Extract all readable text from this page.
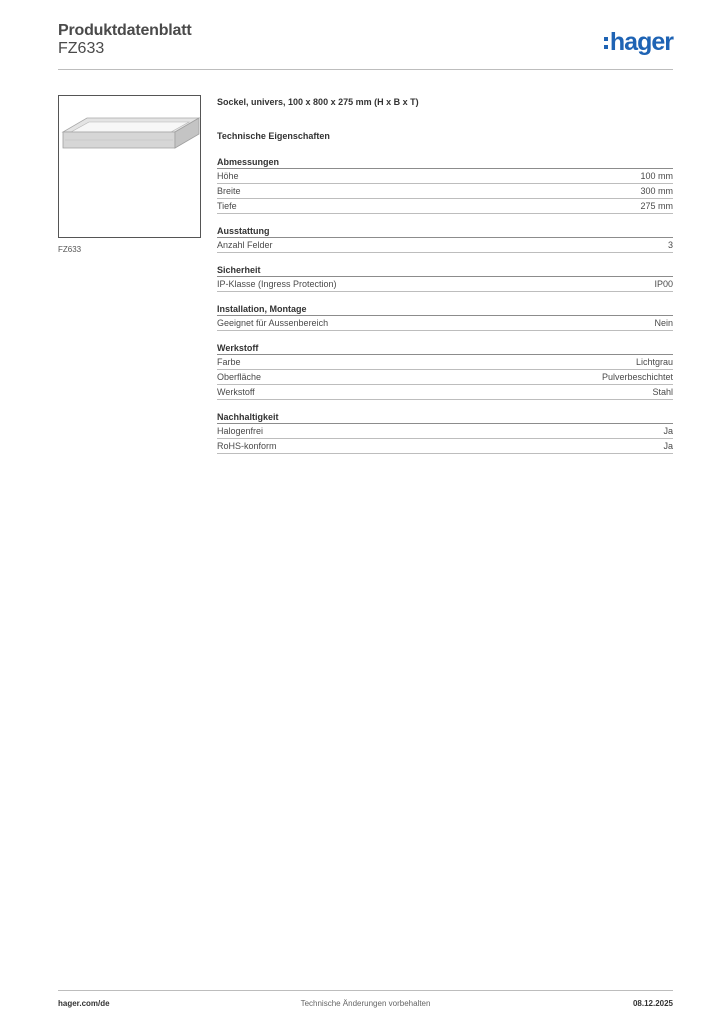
Produktdatenblatt
FZ633	hager
FZ633
Sockel, univers, 100 x 800 x 275 mm (H x B x T)
Technische Eigenschaften
Abmessungen
Höhe	100 mm
Breite	300 mm
Tiefe	275 mm
Ausstattung
Anzahl Felder	3
Sicherheit
IP-Klasse (Ingress Protection)	IP00
Installation, Montage
Geeignet für Aussenbereich	Nein
Werkstoff
Farbe	Lichtgrau
Oberfläche	Pulverbeschichtet
Werkstoff	Stahl
Nachhaltigkeit
Halogenfrei	Ja
RoHS-konform	Ja
hager.com/de	Technische Änderungen vorbehalten	08.12.2025
